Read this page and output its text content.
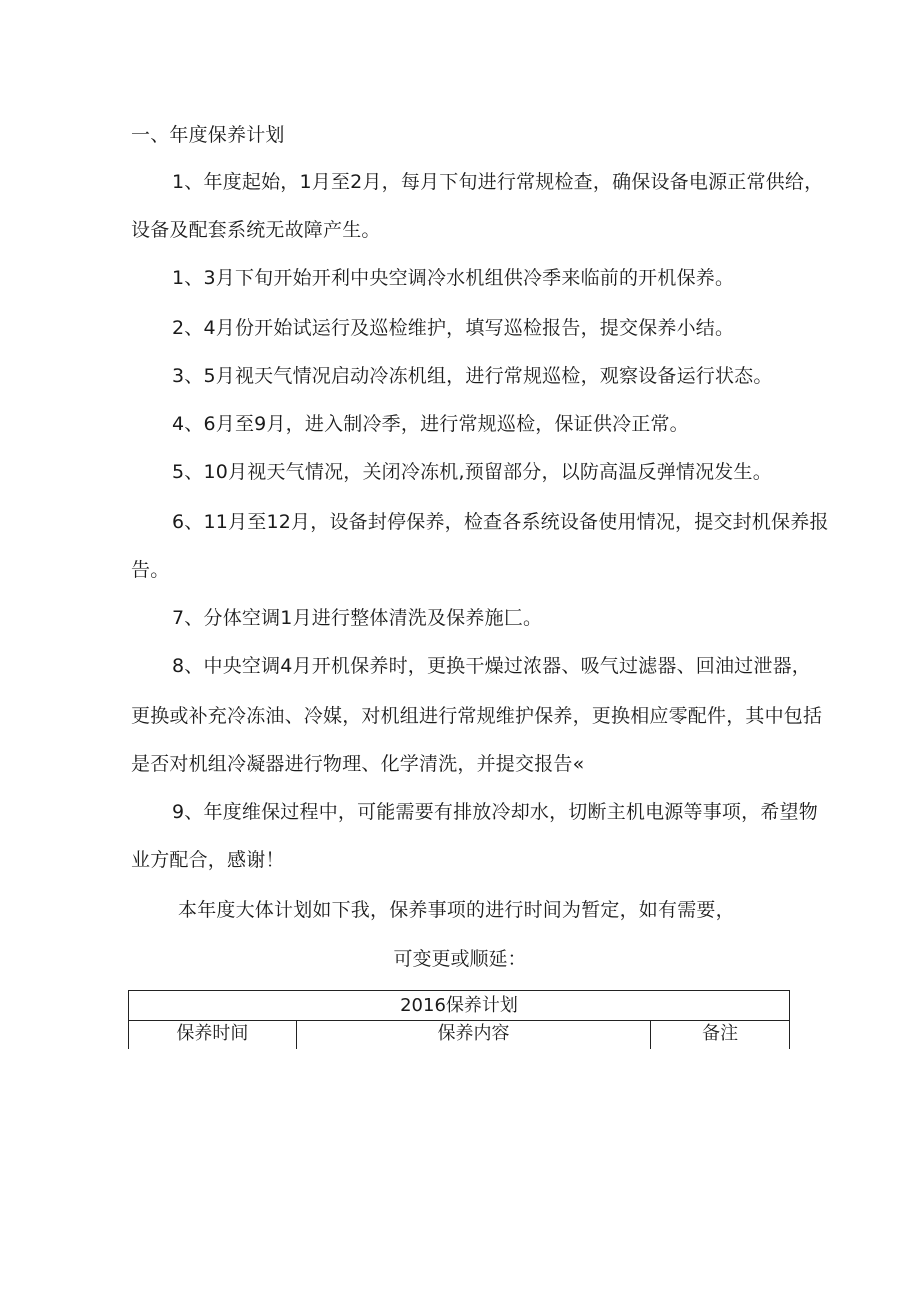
一、年度保养计划
1、年度起始，1月至2月，每月下旬进行常规检查，确保设备电源正常供给，
设备及配套系统无故障产生。
1、3月下旬开始开利中央空调冷水机组供冷季来临前的开机保养。
2、4月份开始试运行及巡检维护，填写巡检报告，提交保养小结。
3、5月视天气情况启动冷冻机组，进行常规巡检，观察设备运行状态。
4、6月至9月，进入制冷季，进行常规巡检，保证供冷正常。
5、10月视天气情况，关闭冷冻机,预留部分，以防高温反弹情况发生。
6、11月至12月，设备封停保养，检查各系统设备使用情况，提交封机保养报
告。
7、分体空调1月进行整体清洗及保养施匚。
8、中央空调4月开机保养时，更换干燥过浓器、吸气过滤器、回油过泄器，
更换或补充冷冻油、冷媒，对机组进行常规维护保养，更换相应零配件，其中包括
是否对机组冷凝器进行物理、化学清洗，并提交报告«
9、年度维保过程中，可能需要有排放冷却水，切断主机电源等事项，希望物
业方配合，感谢！
本年度大体计划如下我，保养事项的进行时间为暂定，如有需要，
可变更或顺延：
2016保养计划
保养时间	保养内容	备注
